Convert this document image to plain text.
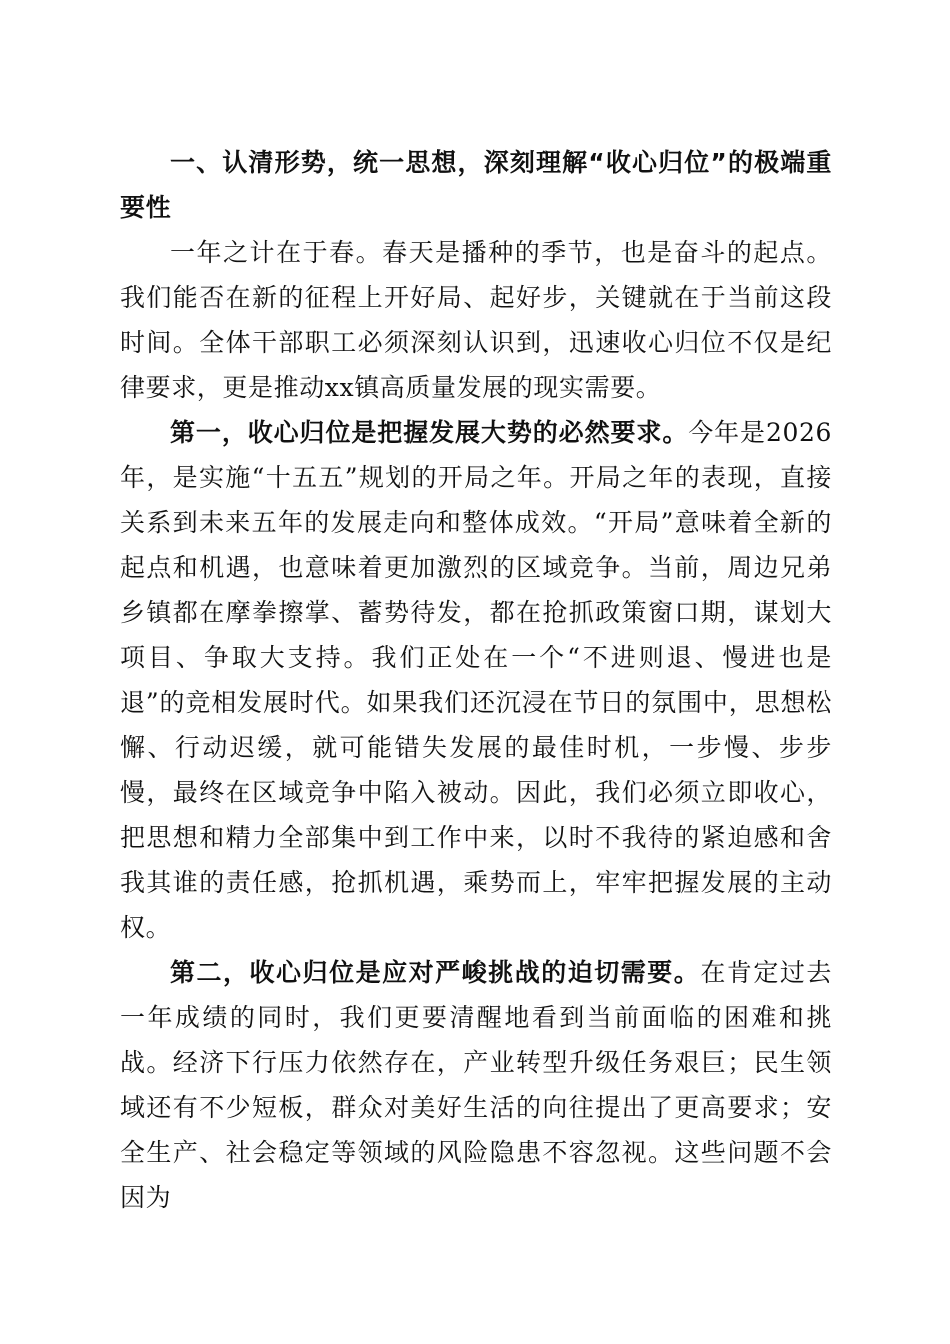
一、认清形势，统一思想，深刻理解“收心归位”的极端重要性

一年之计在于春。春天是播种的季节，也是奋斗的起点。我们能否在新的征程上开好局、起好步，关键就在于当前这段时间。全体干部职工必须深刻认识到，迅速收心归位不仅是纪律要求，更是推动xx镇高质量发展的现实需要。

第一，收心归位是把握发展大势的必然要求。今年是2026年，是实施“十五五”规划的开局之年。开局之年的表现，直接关系到未来五年的发展走向和整体成效。“开局”意味着全新的起点和机遇，也意味着更加激烈的区域竞争。当前，周边兄弟乡镇都在摩拳擦掌、蓄势待发，都在抢抓政策窗口期，谋划大项目、争取大支持。我们正处在一个“不进则退、慢进也是退”的竞相发展时代。如果我们还沉浸在节日的氛围中，思想松懈、行动迟缓，就可能错失发展的最佳时机，一步慢、步步慢，最终在区域竞争中陷入被动。因此，我们必须立即收心，把思想和精力全部集中到工作中来，以时不我待的紧迫感和舍我其谁的责任感，抢抓机遇，乘势而上，牢牢把握发展的主动权。

第二，收心归位是应对严峻挑战的迫切需要。在肯定过去一年成绩的同时，我们更要清醒地看到当前面临的困难和挑战。经济下行压力依然存在，产业转型升级任务艰巨；民生领域还有不少短板，群众对美好生活的向往提出了更高要求；安全生产、社会稳定等领域的风险隐患不容忽视。这些问题不会因为
